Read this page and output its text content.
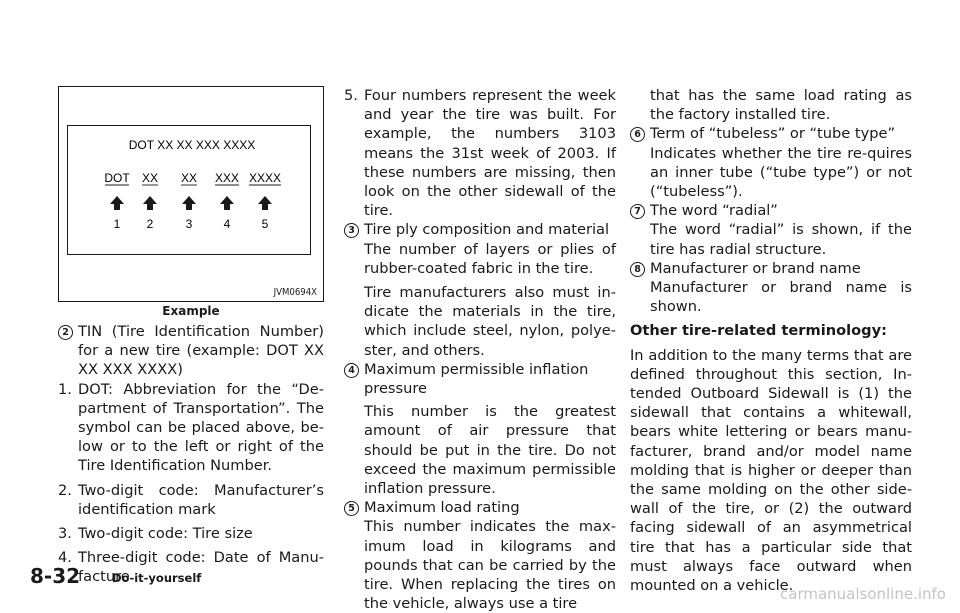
DOT XX XX XXX XXXX
DOT XX XX XXX XXXX
1 2	3	4	5
JVM0694X
Example
2 TIN (Tire Identification Number) for a new tire (example: DOT XX XX XXX XXXX)
1. DOT: Abbreviation for the “De-partment of Transportation”. The symbol can be placed above, be-low or to the left or right of the Tire Identification Number.
2. Two-digit code: Manufacturer’s identification mark
3. Two-digit code: Tire size
4. Three-digit code: Date of Manu-facture
5. Four numbers represent the week and year the tire was built. For example, the numbers 3103 means the 31st week of 2003. If these numbers are missing, then look on the other sidewall of the tire.
3 Tire ply composition and material
The number of layers or plies of rubber-coated fabric in the tire.
Tire manufacturers also must in-dicate the materials in the tire, which include steel, nylon, polye-ster, and others.
4 Maximum permissible inflation pressure
This number is the greatest amount of air pressure that should be put in the tire. Do not exceed the maximum permissible inflation pressure.
5 Maximum load rating
This number indicates the max-imum load in kilograms and pounds that can be carried by the tire. When replacing the tires on the vehicle, always use a tire
that has the same load rating as the factory installed tire.
6 Term of “tubeless” or “tube type”
Indicates whether the tire re-quires an inner tube (“tube type”) or not (“tubeless”).
7 The word “radial”
The word “radial” is shown, if the tire has radial structure.
8 Manufacturer or brand name
Manufacturer or brand name is shown.
Other tire-related terminology:

In addition to the many terms that are defined throughout this section, In-tended Outboard Sidewall is (1) the sidewall that contains a whitewall, bears white lettering or bears manu-facturer, brand and/or model name molding that is higher or deeper than the same molding on the other side-wall of the tire, or (2) the outward facing sidewall of an asymmetrical tire that has a particular side that must always face outward when mounted on a vehicle.

8-32	Do-it-yourself
carmanualsonline.info
